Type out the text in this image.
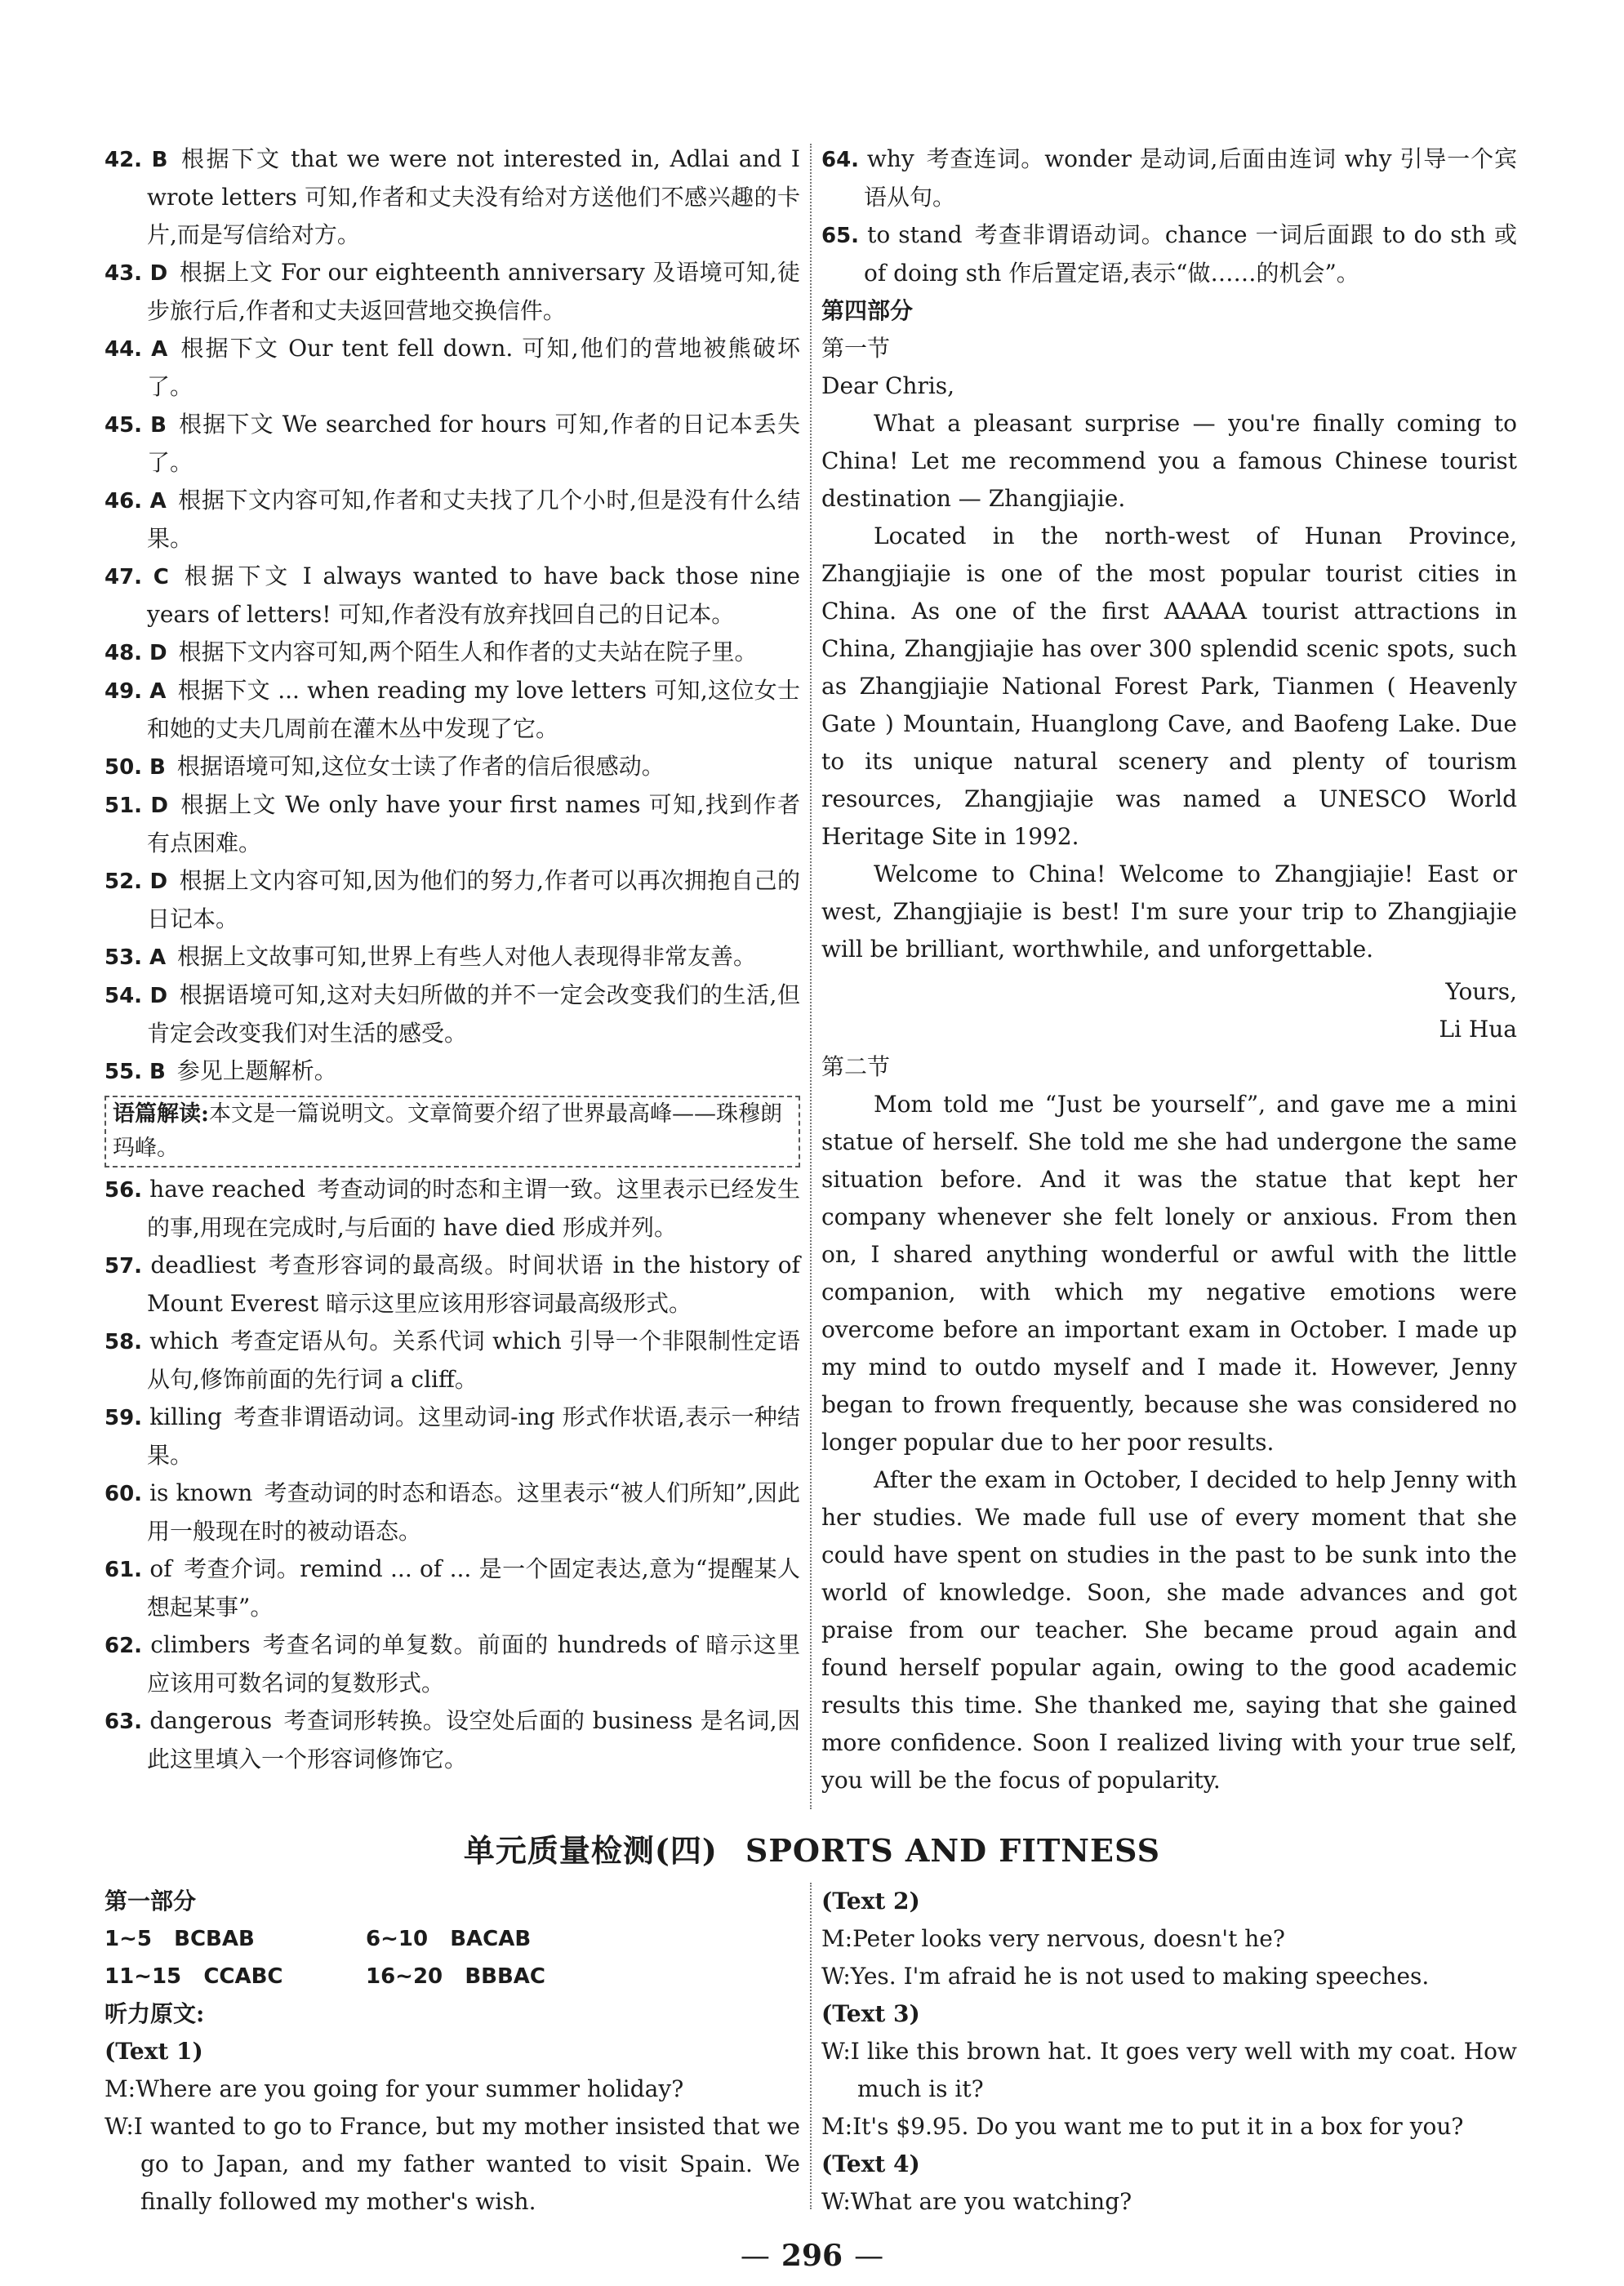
42. B 根据下文 that we were not interested in, Adlai and I wrote letters 可知,作者和丈夫没有给对方送他们不感兴趣的卡片,而是写信给对方。

43. D 根据上文 For our eighteenth anniversary 及语境可知,徒步旅行后,作者和丈夫返回营地交换信件。

44. A 根据下文 Our tent fell down. 可知,他们的营地被熊破坏了。

45. B 根据下文 We searched for hours 可知,作者的日记本丢失了。

46. A 根据下文内容可知,作者和丈夫找了几个小时,但是没有什么结果。

47. C 根据下文 I always wanted to have back those nine years of letters! 可知,作者没有放弃找回自己的日记本。

48. D 根据下文内容可知,两个陌生人和作者的丈夫站在院子里。

49. A 根据下文 ... when reading my love letters 可知,这位女士和她的丈夫几周前在灌木丛中发现了它。

50. B 根据语境可知,这位女士读了作者的信后很感动。

51. D 根据上文 We only have your first names 可知,找到作者有点困难。

52. D 根据上文内容可知,因为他们的努力,作者可以再次拥抱自己的日记本。

53. A 根据上文故事可知,世界上有些人对他人表现得非常友善。

54. D 根据语境可知,这对夫妇所做的并不一定会改变我们的生活,但肯定会改变我们对生活的感受。

55. B 参见上题解析。

语篇解读:本文是一篇说明文。文章简要介绍了世界最高峰——珠穆朗玛峰。

56. have reached 考查动词的时态和主谓一致。这里表示已经发生的事,用现在完成时,与后面的 have died 形成并列。

57. deadliest 考查形容词的最高级。时间状语 in the history of Mount Everest 暗示这里应该用形容词最高级形式。

58. which 考查定语从句。关系代词 which 引导一个非限制性定语从句,修饰前面的先行词 a cliff。

59. killing 考查非谓语动词。这里动词-ing 形式作状语,表示一种结果。

60. is known 考查动词的时态和语态。这里表示“被人们所知”,因此用一般现在时的被动语态。

61. of 考查介词。remind ... of ... 是一个固定表达,意为“提醒某人想起某事”。

62. climbers 考查名词的单复数。前面的 hundreds of 暗示这里应该用可数名词的复数形式。

63. dangerous 考查词形转换。设空处后面的 business 是名词,因此这里填入一个形容词修饰它。

64. why 考查连词。wonder 是动词,后面由连词 why 引导一个宾语从句。

65. to stand 考查非谓语动词。chance 一词后面跟 to do sth 或 of doing sth 作后置定语,表示“做……的机会”。

第四部分

第一节

Dear Chris,

What a pleasant surprise — you're finally coming to China! Let me recommend you a famous Chinese tourist destination — Zhangjiajie.

Located in the north-west of Hunan Province, Zhangjiajie is one of the most popular tourist cities in China. As one of the first AAAAA tourist attractions in China, Zhangjiajie has over 300 splendid scenic spots, such as Zhangjiajie National Forest Park, Tianmen ( Heavenly Gate ) Mountain, Huanglong Cave, and Baofeng Lake. Due to its unique natural scenery and plenty of tourism resources, Zhangjiajie was named a UNESCO World Heritage Site in 1992.

Welcome to China! Welcome to Zhangjiajie! East or west, Zhangjiajie is best! I'm sure your trip to Zhangjiajie will be brilliant, worthwhile, and unforgettable.

Yours,

Li Hua

第二节

Mom told me “Just be yourself”, and gave me a mini statue of herself. She told me she had undergone the same situation before. And it was the statue that kept her company whenever she felt lonely or anxious. From then on, I shared anything wonderful or awful with the little companion, with which my negative emotions were overcome before an important exam in October. I made up my mind to outdo myself and I made it. However, Jenny began to frown frequently, because she was considered no longer popular due to her poor results.

After the exam in October, I decided to help Jenny with her studies. We made full use of every moment that she could have spent on studies in the past to be sunk into the world of knowledge. Soon, she made advances and got praise from our teacher. She became proud again and found herself popular again, owing to the good academic results this time. She thanked me, saying that she gained more confidence. Soon I realized living with your true self, you will be the focus of popularity.

单元质量检测(四) SPORTS AND FITNESS

第一部分

1~5 BCBAB	6~10 BACAB
11~15 CCABC	16~20 BBBAC

听力原文:

(Text 1)

M:Where are you going for your summer holiday?

W:I wanted to go to France, but my mother insisted that we go to Japan, and my father wanted to visit Spain. We finally followed my mother's wish.

(Text 2)

M:Peter looks very nervous, doesn't he?

W:Yes. I'm afraid he is not used to making speeches.

(Text 3)

W:I like this brown hat. It goes very well with my coat. How much is it?

M:It's $9.95. Do you want me to put it in a box for you?

(Text 4)

W:What are you watching?

— 296 —
